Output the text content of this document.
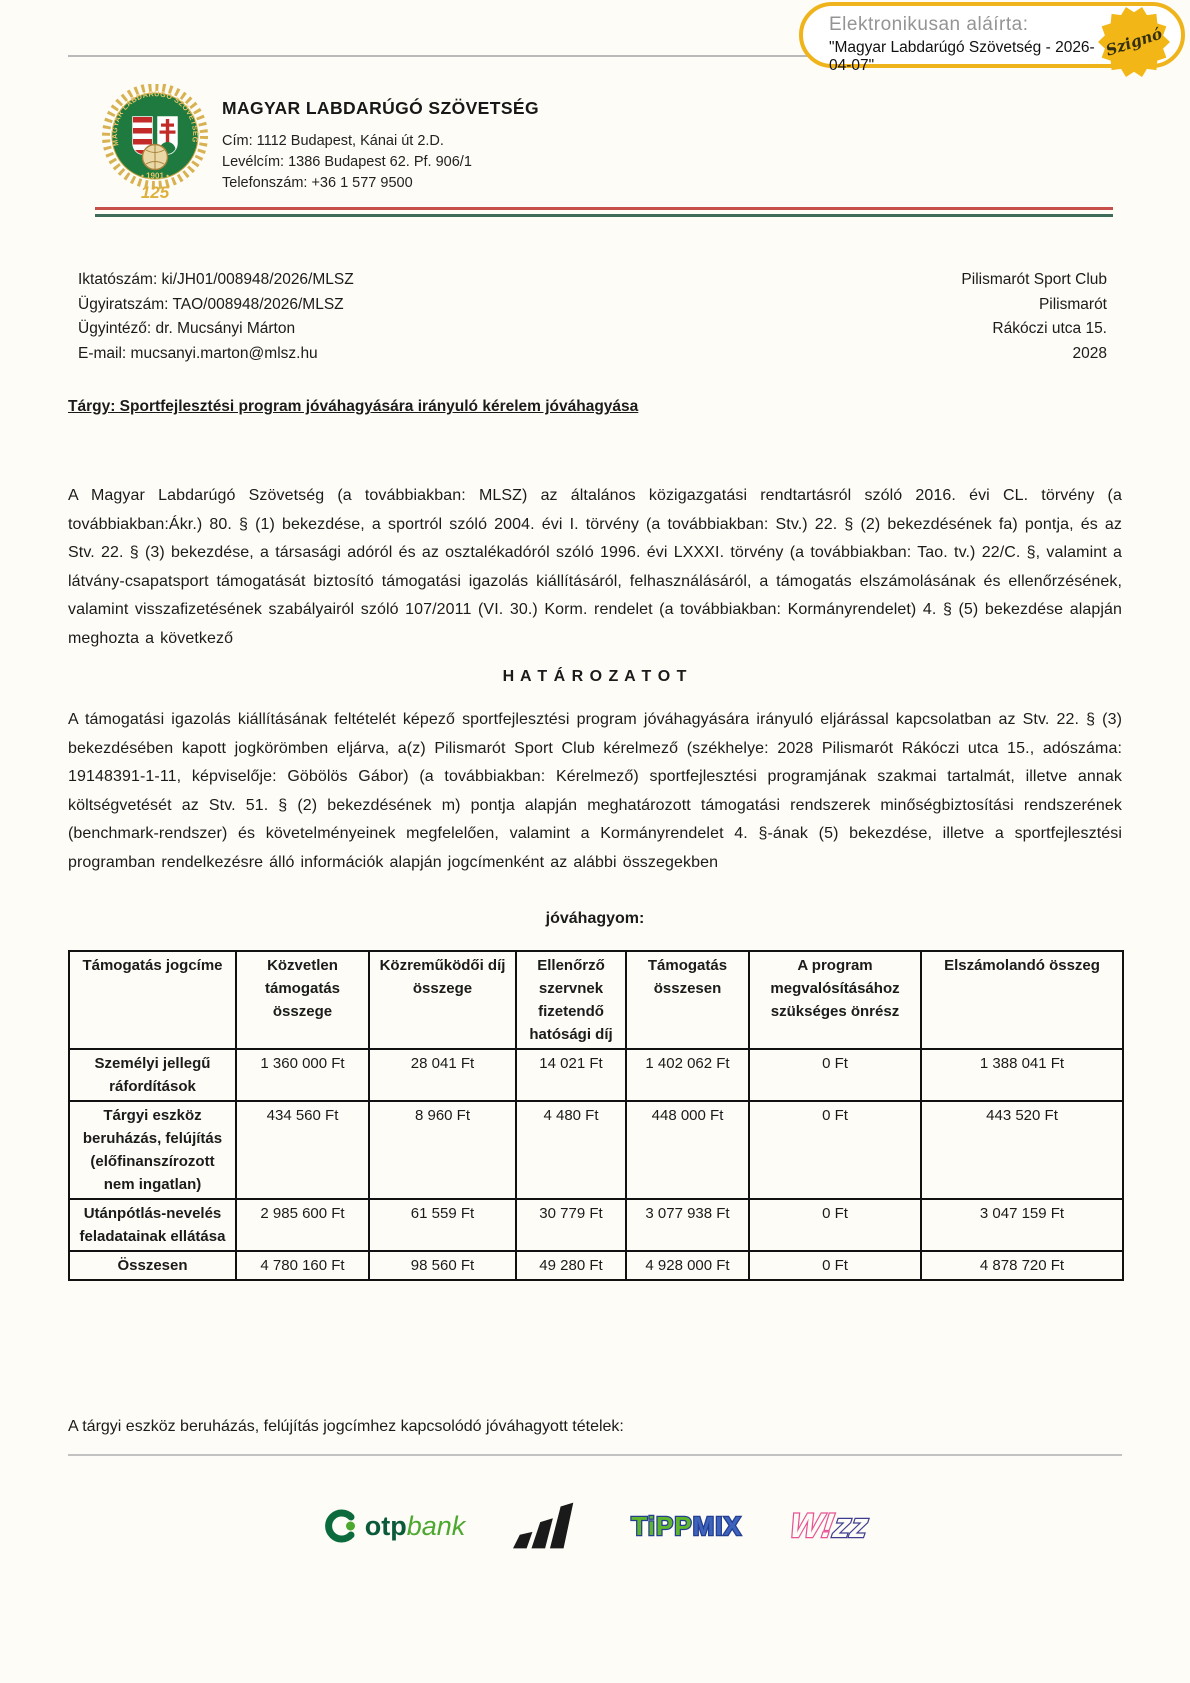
Elektronikusan aláírta:
"Magyar Labdarúgó Szövetség - 2026-04-07"
Szignó
MAGYAR LABDARÚGÓ SZÖVETSÉG
• 1901 •
125
MAGYAR LABDARÚGÓ SZÖVETSÉG
Cím: 1112 Budapest, Kánai út 2.D.
Levélcím: 1386 Budapest 62. Pf. 906/1
Telefonszám: +36 1 577 9500
Iktatószám: ki/JH01/008948/2026/MLSZ
Ügyiratszám: TAO/008948/2026/MLSZ
Ügyintéző: dr. Mucsányi Márton
E-mail: mucsanyi.marton@mlsz.hu
Pilismarót Sport Club
Pilismarót
Rákóczi utca 15.
2028
Tárgy: Sportfejlesztési program jóváhagyására irányuló kérelem jóváhagyása
A Magyar Labdarúgó Szövetség (a továbbiakban: MLSZ) az általános közigazgatási rendtartásról szóló 2016. évi CL. törvény (a továbbiakban:Ákr.) 80. § (1) bekezdése, a sportról szóló 2004. évi I. törvény (a továbbiakban: Stv.) 22. § (2) bekezdésének fa) pontja, és az Stv. 22. § (3) bekezdése, a társasági adóról és az osztalékadóról szóló 1996. évi LXXXI. törvény (a továbbiakban: Tao. tv.) 22/C. §, valamint a látvány-csapatsport támogatását biztosító támogatási igazolás kiállításáról, felhasználásáról, a támogatás elszámolásának és ellenőrzésének, valamint visszafizetésének szabályairól szóló 107/2011 (VI. 30.) Korm. rendelet (a továbbiakban: Kormányrendelet) 4. § (5) bekezdése alapján meghozta a következő
H A T Á R O Z A T O T
A támogatási igazolás kiállításának feltételét képező sportfejlesztési program jóváhagyására irányuló eljárással kapcsolatban az Stv. 22. § (3) bekezdésében kapott jogkörömben eljárva, a(z) Pilismarót Sport Club kérelmező (székhelye: 2028 Pilismarót Rákóczi utca 15., adószáma: 19148391-1-11, képviselője: Göbölös Gábor) (a továbbiakban: Kérelmező) sportfejlesztési programjának szakmai tartalmát, illetve annak költségvetését az Stv. 51. § (2) bekezdésének m) pontja alapján meghatározott támogatási rendszerek minőségbiztosítási rendszerének (benchmark-rendszer) és követelményeinek megfelelően, valamint a Kormányrendelet 4. §-ának (5) bekezdése, illetve a sportfejlesztési programban rendelkezésre álló információk alapján jogcímenként az alábbi összegekben
jóváhagyom:
Támogatás jogcíme	Közvetlen támogatás összege	Közreműködői díj összege	Ellenőrző szervnek fizetendő hatósági díj	Támogatás összesen	A program megvalósításához szükséges önrész	Elszámolandó összeg
Személyi jellegű ráfordítások	1 360 000 Ft	28 041 Ft	14 021 Ft	1 402 062 Ft	0 Ft	1 388 041 Ft
Tárgyi eszköz beruházás, felújítás (előfinanszírozott nem ingatlan)	434 560 Ft	8 960 Ft	4 480 Ft	448 000 Ft	0 Ft	443 520 Ft
Utánpótlás-nevelés feladatainak ellátása	2 985 600 Ft	61 559 Ft	30 779 Ft	3 077 938 Ft	0 Ft	3 047 159 Ft
Összesen	4 780 160 Ft	98 560 Ft	49 280 Ft	4 928 000 Ft	0 Ft	4 878 720 Ft
A tárgyi eszköz beruházás, felújítás jogcímhez kapcsolódó jóváhagyott tételek:
otpbank	TiPPMIX W!zz
